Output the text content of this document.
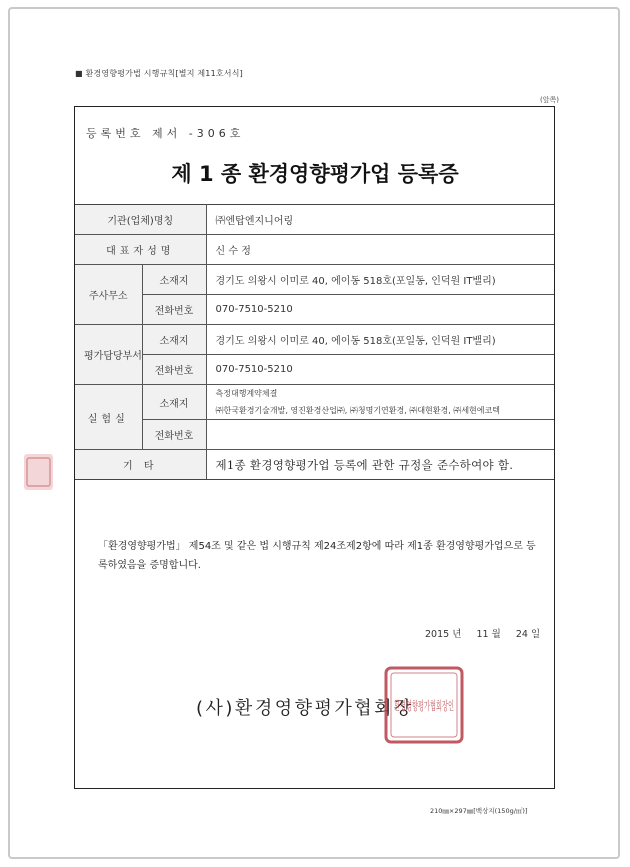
■ 환경영향평가법 시행규칙[별지 제11호서식]
(앞쪽)
등록번호 제서 -306호
제 1 종 환경영향평가업 등록증
기관(업체)명칭		㈜엔탑엔지니어링
대표자성명		신 수 정
주사무소	소재지	경기도 의왕시 이미로 40, 에이동 518호(포일동, 인덕원 IT밸리)
	전화번호	070-7510-5210
평가담당부서	소재지	경기도 의왕시 이미로 40, 에이동 518호(포일동, 인덕원 IT밸리)
	전화번호	070-7510-5210
실험실	소재지	측정대행계약체결
㈜한국환경기술개발, 영진환경산업㈜, ㈜청명기연환경, ㈜대현환경, ㈜세현에코텍

	전화번호	
기 타		제1종 환경영향평가업 등록에 관한 규정을 준수하여야 함.
「환경영향평가법」 제54조 및 같은 법 시행규칙 제24조제2항에 따라 제1종 환경영향평가업으로 등록하였음을 증명합니다.
2015 년     11 월     24 일
(사)환경영향평가협회장
환경영향평가협회장인
210㎜×297㎜[백상지(150g/㎡)]
